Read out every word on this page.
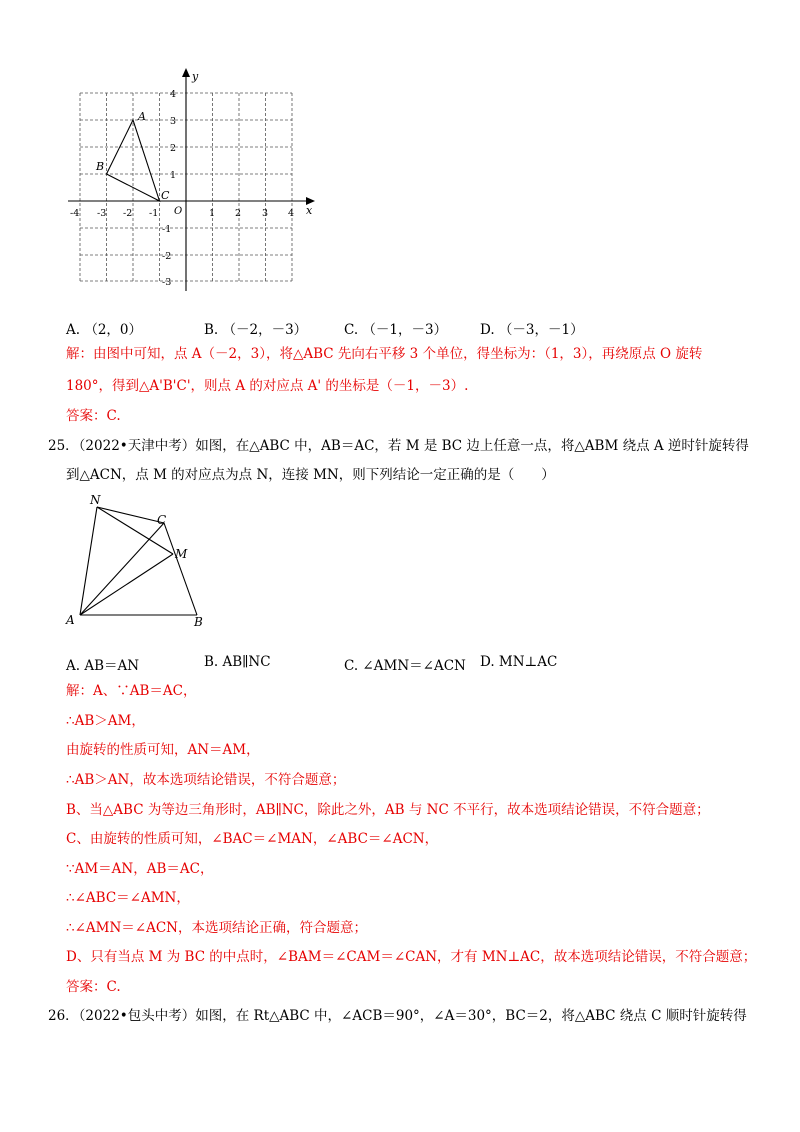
x
y
O
-4 -3 -2 -1	1 2 3 4
4
3
2
1
-1
-2
-3
A
B
C
A. （2，0）	B. （－2，－3）	C. （－1，－3） D. （－3，－1）
解：由图中可知，点 A（－2，3），将△ABC 先向右平移 3 个单位，得坐标为：（1，3），再绕原点 O 旋转
180°，得到△A'B'C'，则点 A 的对应点 A' 的坐标是（－1，－3）.
答案：C.
25．（2022•天津中考）如图，在△ABC 中，AB＝AC，若 M 是 BC 边上任意一点，将△ABM 绕点 A 逆时针旋转得
到△ACN，点 M 的对应点为点 N，连接 MN，则下列结论一定正确的是（　　）
N
C
M
A	B
A. AB＝AN	B. AB∥NC	C. ∠AMN＝∠ACN D. MN⊥AC
解：A、∵AB＝AC，
∴AB＞AM，
由旋转的性质可知，AN＝AM，
∴AB＞AN，故本选项结论错误，不符合题意；
B、当△ABC 为等边三角形时，AB∥NC，除此之外，AB 与 NC 不平行，故本选项结论错误，不符合题意；
C、由旋转的性质可知，∠BAC＝∠MAN，∠ABC＝∠ACN，
∵AM＝AN，AB＝AC，
∴∠ABC＝∠AMN，
∴∠AMN＝∠ACN，本选项结论正确，符合题意；
D、只有当点 M 为 BC 的中点时，∠BAM＝∠CAM＝∠CAN，才有 MN⊥AC，故本选项结论错误，不符合题意；
答案：C.
26．（2022•包头中考）如图，在 Rt△ABC 中，∠ACB＝90°，∠A＝30°，BC＝2，将△ABC 绕点 C 顺时针旋转得
